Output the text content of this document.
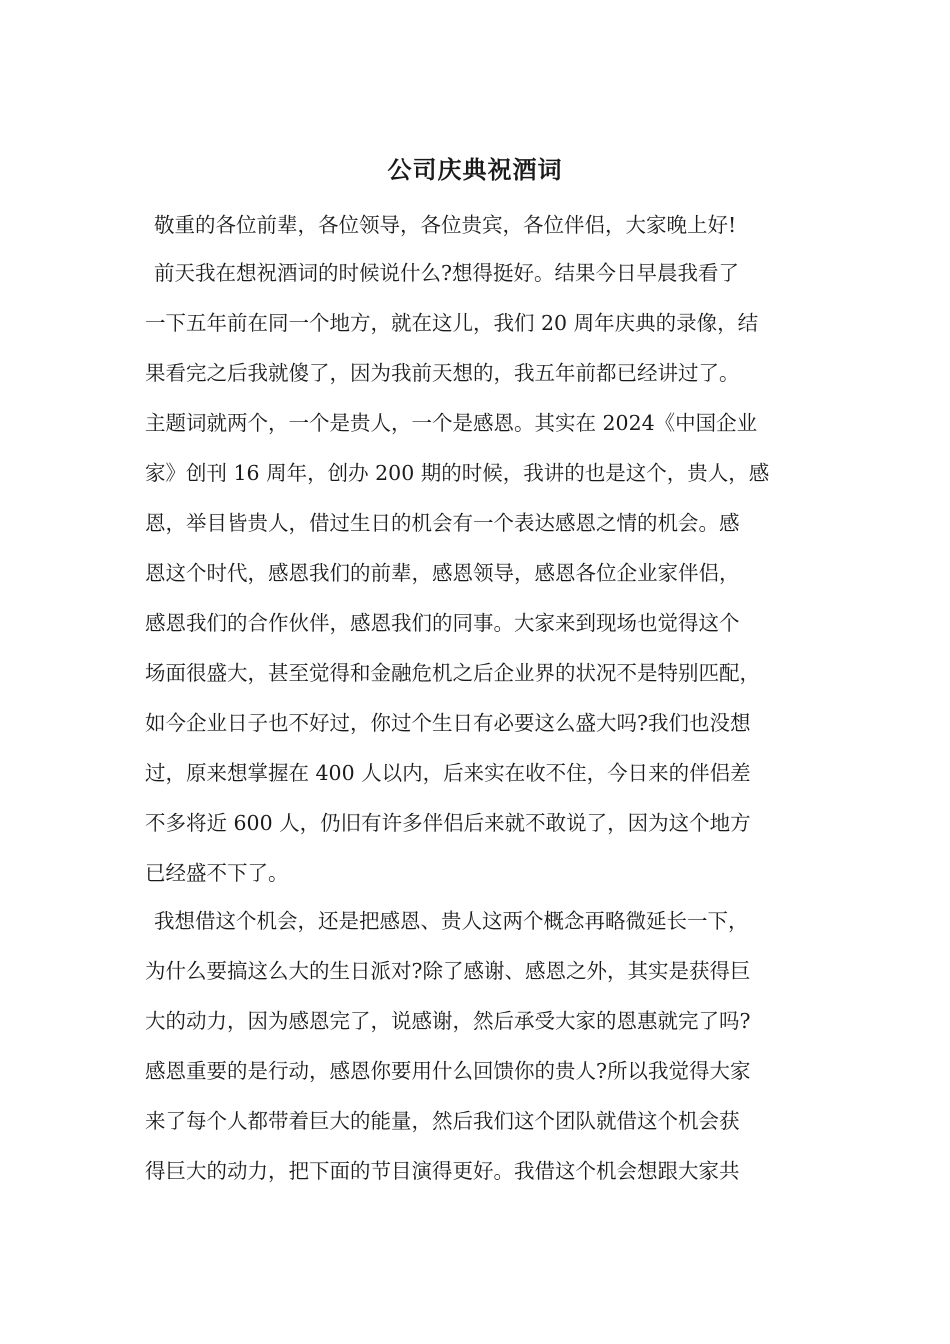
公司庆典祝酒词

敬重的各位前辈，各位领导，各位贵宾，各位伴侣，大家晚上好!

前天我在想祝酒词的时候说什么?想得挺好。结果今日早晨我看了

一下五年前在同一个地方，就在这儿，我们 20 周年庆典的录像，结

果看完之后我就傻了，因为我前天想的，我五年前都已经讲过了。

主题词就两个，一个是贵人，一个是感恩。其实在 2024《中国企业

家》创刊 16 周年，创办 200 期的时候，我讲的也是这个，贵人，感

恩，举目皆贵人，借过生日的机会有一个表达感恩之情的机会。感

恩这个时代，感恩我们的前辈，感恩领导，感恩各位企业家伴侣，

感恩我们的合作伙伴，感恩我们的同事。大家来到现场也觉得这个

场面很盛大，甚至觉得和金融危机之后企业界的状况不是特别匹配，

如今企业日子也不好过，你过个生日有必要这么盛大吗?我们也没想

过，原来想掌握在 400 人以内，后来实在收不住，今日来的伴侣差

不多将近 600 人，仍旧有许多伴侣后来就不敢说了，因为这个地方

已经盛不下了。

我想借这个机会，还是把感恩、贵人这两个概念再略微延长一下，

为什么要搞这么大的生日派对?除了感谢、感恩之外，其实是获得巨

大的动力，因为感恩完了，说感谢，然后承受大家的恩惠就完了吗?

感恩重要的是行动，感恩你要用什么回馈你的贵人?所以我觉得大家

来了每个人都带着巨大的能量，然后我们这个团队就借这个机会获

得巨大的动力，把下面的节目演得更好。我借这个机会想跟大家共
